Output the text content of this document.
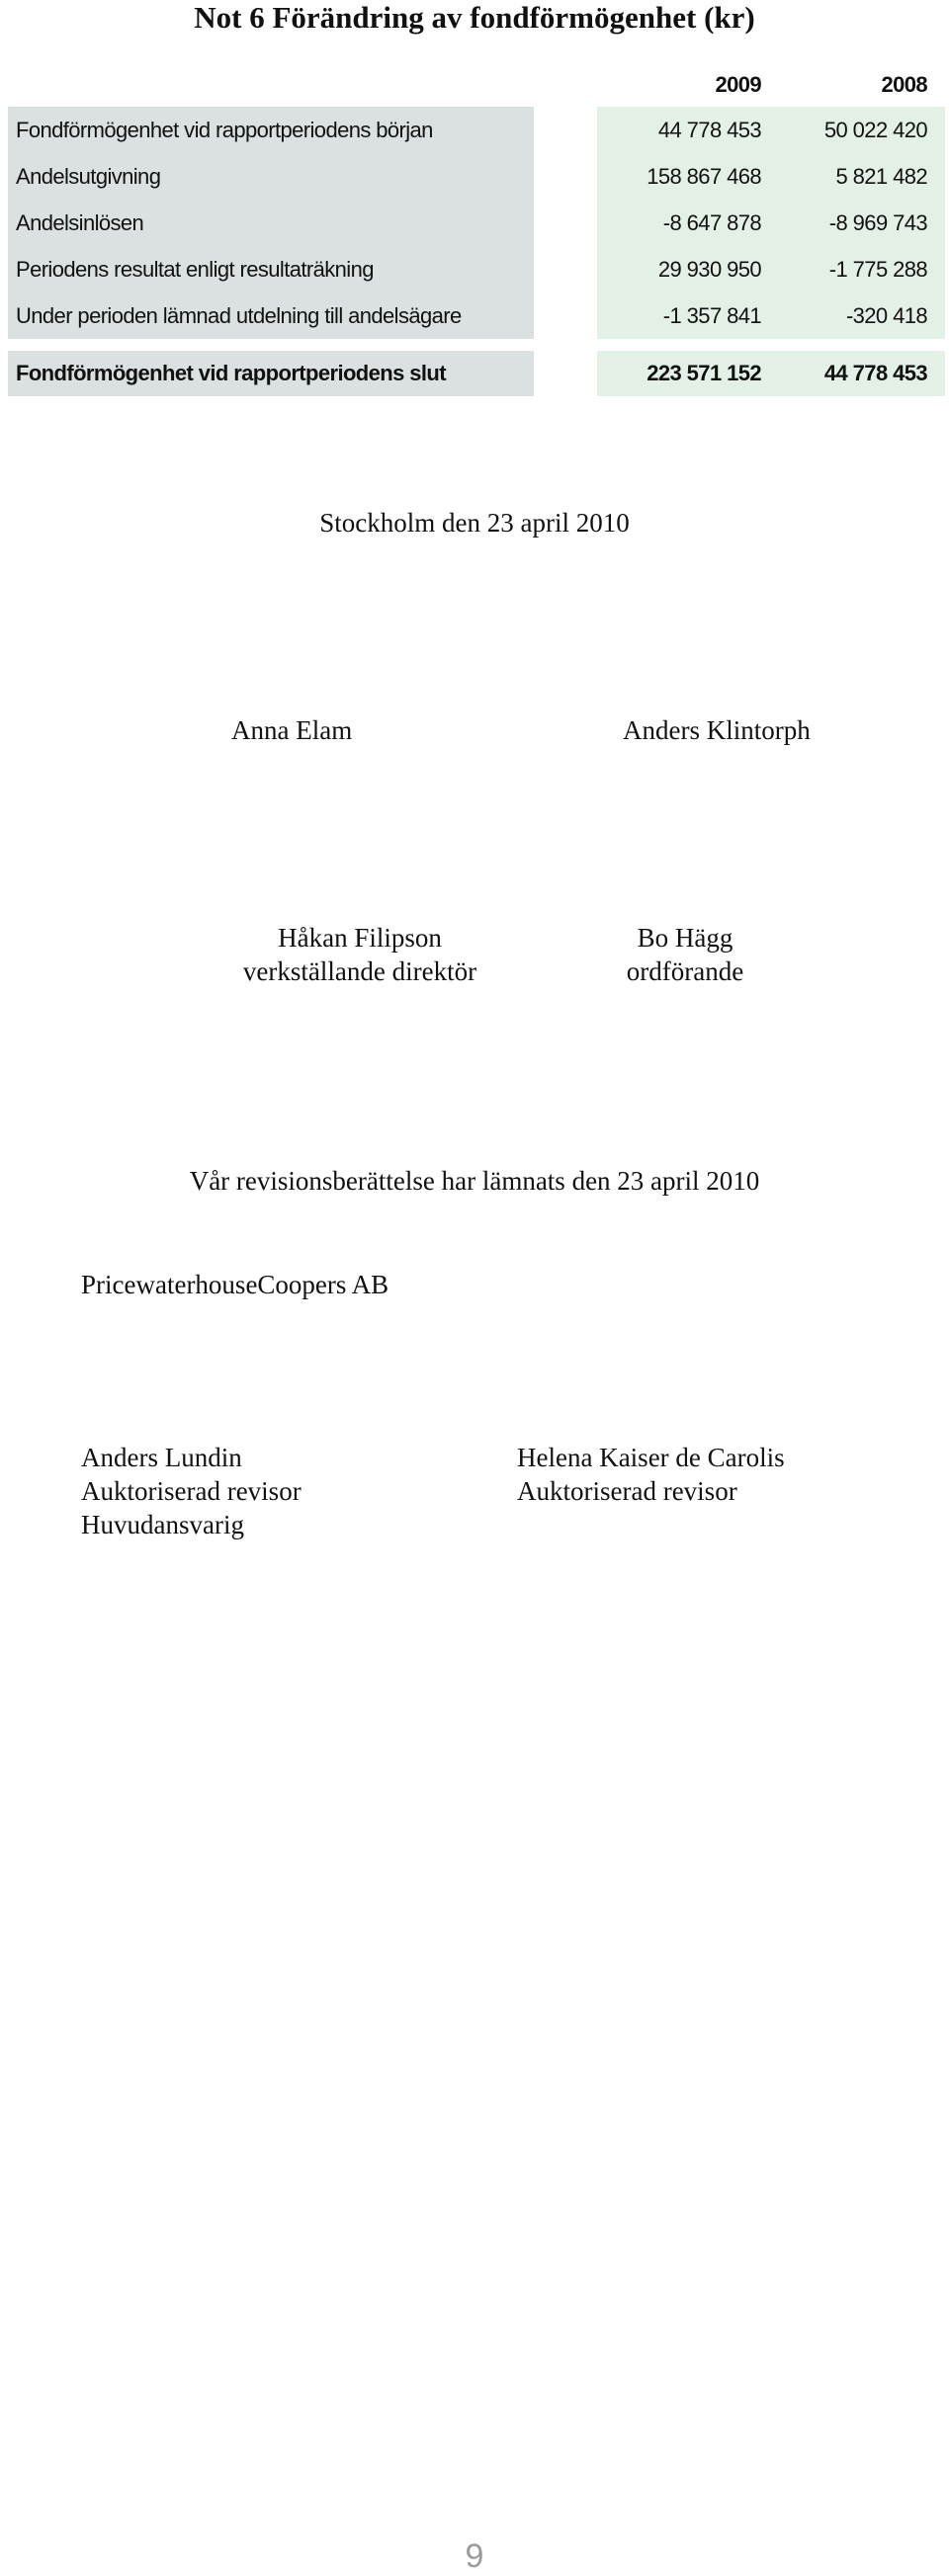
Not 6 Förändring av fondförmögenhet (kr)
2009	2008
Fondförmögenhet vid rapportperiodens början	44 778 453	50 022 420
Andelsutgivning	158 867 468	5 821 482
Andelsinlösen	-8 647 878	-8 969 743
Periodens resultat enligt resultaträkning	29 930 950	-1 775 288
Under perioden lämnad utdelning till andelsägare	-1 357 841	-320 418
Fondförmögenhet vid rapportperiodens slut	223 571 152	44 778 453
Stockholm den 23 april 2010
Anna Elam	Anders Klintorph
Håkan Filipson
verkställande direktör
Bo Hägg
ordförande
Vår revisionsberättelse har lämnats den 23 april 2010
PricewaterhouseCoopers AB
Anders Lundin
Auktoriserad revisor
Huvudansvarig
Helena Kaiser de Carolis
Auktoriserad revisor
9
